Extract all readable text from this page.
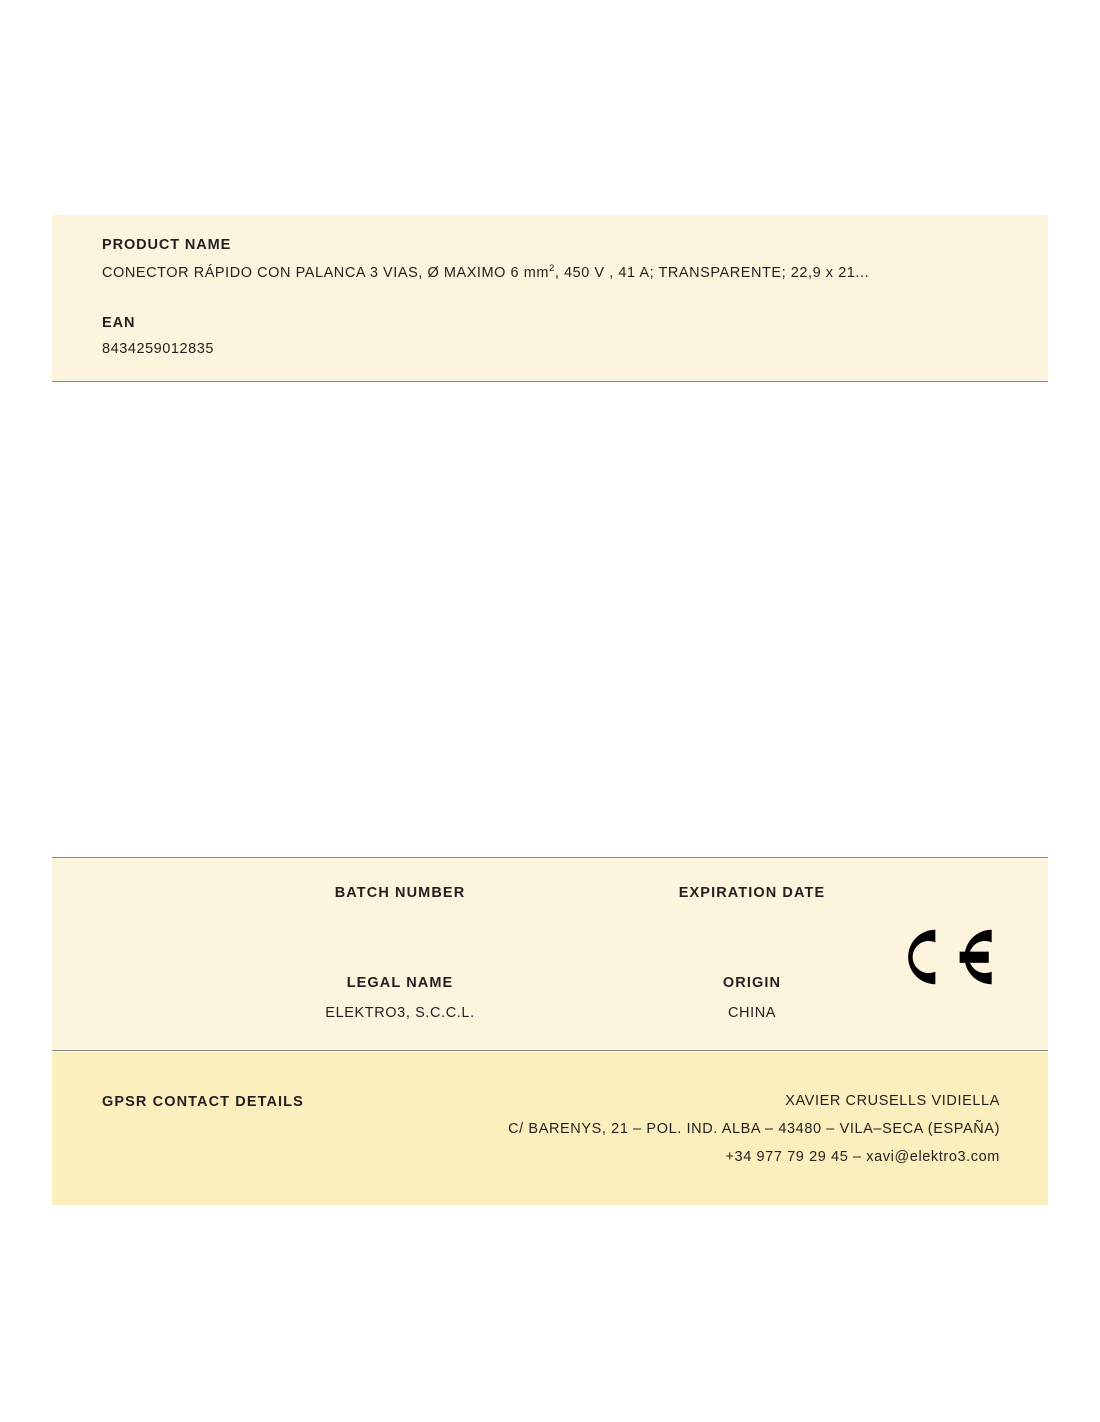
PRODUCT NAME

CONECTOR RÁPIDO CON PALANCA 3 VIAS, Ø MAXIMO 6 $mm^2$, 450 V , 41 A; TRANSPARENTE; 22,9 x 21...

EAN

8434259012835

BATCH NUMBER	EXPIRATION DATE

LEGAL NAME

ELEKTRO3, S.C.C.L.

ORIGIN

CHINA

GPSR CONTACT DETAILS	XAVIER CRUSELLS VIDIELLA

C/ BARENYS, 21 – POL. IND. ALBA – 43480 – VILA–SECA (ESPAÑA)

+34 977 79 29 45 – xavi@elektro3.com
